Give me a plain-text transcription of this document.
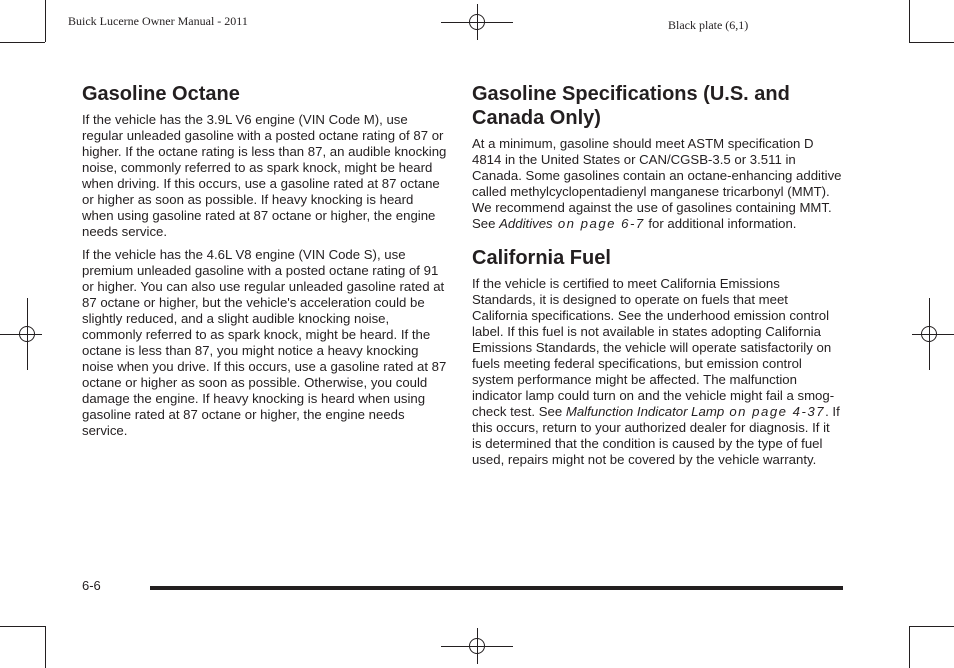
Buick Lucerne Owner Manual - 2011	Black plate (6,1)
Gasoline Octane

If the vehicle has the 3.9L V6 engine (VIN Code M), use regular unleaded gasoline with a posted octane rating of 87 or higher. If the octane rating is less than 87, an audible knocking noise, commonly referred to as spark knock, might be heard when driving. If this occurs, use a gasoline rated at 87 octane or higher as soon as possible. If heavy knocking is heard when using gasoline rated at 87 octane or higher, the engine needs service.

If the vehicle has the 4.6L V8 engine (VIN Code S), use premium unleaded gasoline with a posted octane rating of 91 or higher. You can also use regular unleaded gasoline rated at 87 octane or higher, but the vehicle's acceleration could be slightly reduced, and a slight audible knocking noise, commonly referred to as spark knock, might be heard. If the octane is less than 87, you might notice a heavy knocking noise when you drive. If this occurs, use a gasoline rated at 87 octane or higher as soon as possible. Otherwise, you could damage the engine. If heavy knocking is heard when using gasoline rated at 87 octane or higher, the engine needs service.

Gasoline Specifications (U.S. and Canada Only)

At a minimum, gasoline should meet ASTM specification D 4814 in the United States or CAN/CGSB-3.5 or 3.511 in Canada. Some gasolines contain an octane-enhancing additive called methylcyclopentadienyl manganese tricarbonyl (MMT). We recommend against the use of gasolines containing MMT. See Additives on page 6-7 for additional information.

California Fuel

If the vehicle is certified to meet California Emissions Standards, it is designed to operate on fuels that meet California specifications. See the underhood emission control label. If this fuel is not available in states adopting California Emissions Standards, the vehicle will operate satisfactorily on fuels meeting federal specifications, but emission control system performance might be affected. The malfunction indicator lamp could turn on and the vehicle might fail a smog-check test. See Malfunction Indicator Lamp on page 4-37. If this occurs, return to your authorized dealer for diagnosis. If it is determined that the condition is caused by the type of fuel used, repairs might not be covered by the vehicle warranty.

6-6
